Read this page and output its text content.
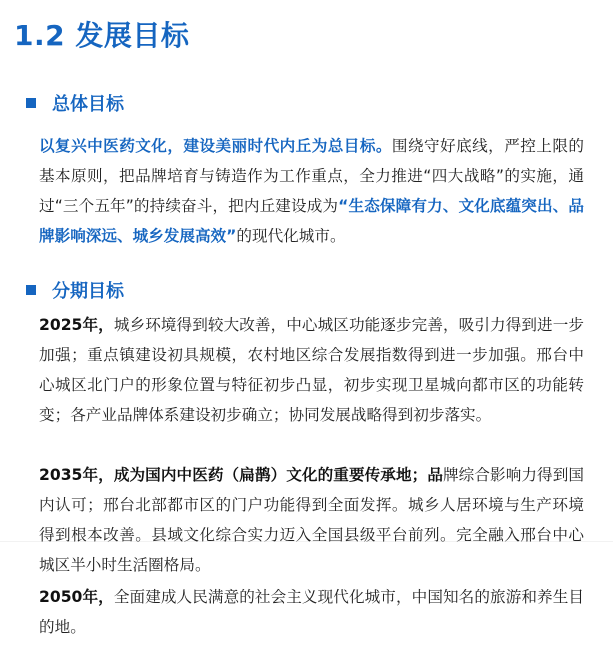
1.2 发展目标
总体目标
以复兴中医药文化，建设美丽时代内丘为总目标。围绕守好底线，严控上限的基本原则，把品牌培育与铸造作为工作重点，全力推进“四大战略”的实施，通过“三个五年”的持续奋斗，把内丘建设成为“生态保障有力、文化底蕴突出、品牌影响深远、城乡发展高效”的现代化城市。
分期目标
2025年，城乡环境得到较大改善，中心城区功能逐步完善，吸引力得到进一步加强；重点镇建设初具规模，农村地区综合发展指数得到进一步加强。邢台中心城区北门户的形象位置与特征初步凸显，初步实现卫星城向都市区的功能转变；各产业品牌体系建设初步确立；协同发展战略得到初步落实。
2035年，成为国内中医药（扁鹊）文化的重要传承地；品牌综合影响力得到国内认可；邢台北部都市区的门户功能得到全面发挥。城乡人居环境与生产环境得到根本改善。县域文化综合实力迈入全国县级平台前列。完全融入邢台中心城区半小时生活圈格局。
2050年，全面建成人民满意的社会主义现代化城市，中国知名的旅游和养生目的地。
